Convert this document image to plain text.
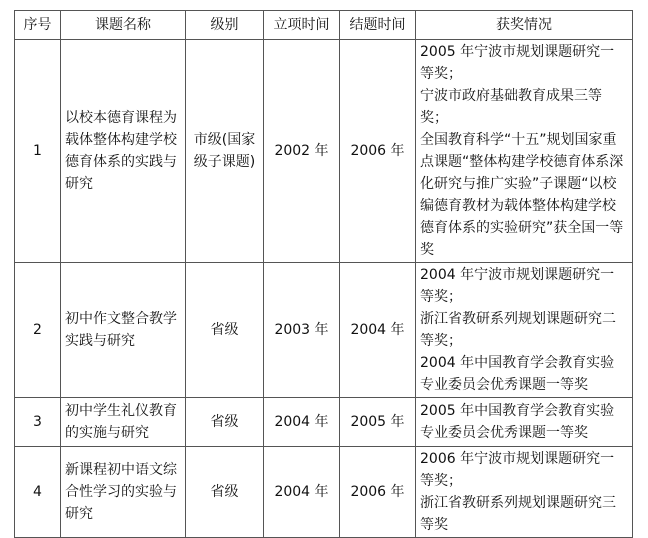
序号	课题名称	级别	立项时间	结题时间	获奖情况
1	以校本德育课程为载体整体构建学校德育体系的实践与研究	市级(国家级子课题)	2002 年	2006 年	2005 年宁波市规划课题研究一等奖；
宁波市政府基础教育成果三等奖；
全国教育科学“十五”规划国家重点课题“整体构建学校德育体系深化研究与推广实验”子课题“以校编德育教材为载体整体构建学校德育体系的实验研究”获全国一等奖

2	初中作文整合教学实践与研究	省级	2003 年	2004 年	2004 年宁波市规划课题研究一等奖；
浙江省教研系列规划课题研究二等奖；
2004 年中国教育学会教育实验专业委员会优秀课题一等奖

3	初中学生礼仪教育的实施与研究	省级	2004 年	2005 年	2005 年中国教育学会教育实验专业委员会优秀课题一等奖

4	新课程初中语文综合性学习的实验与研究	省级	2004 年	2006 年	2006 年宁波市规划课题研究一等奖；
浙江省教研系列规划课题研究三等奖
